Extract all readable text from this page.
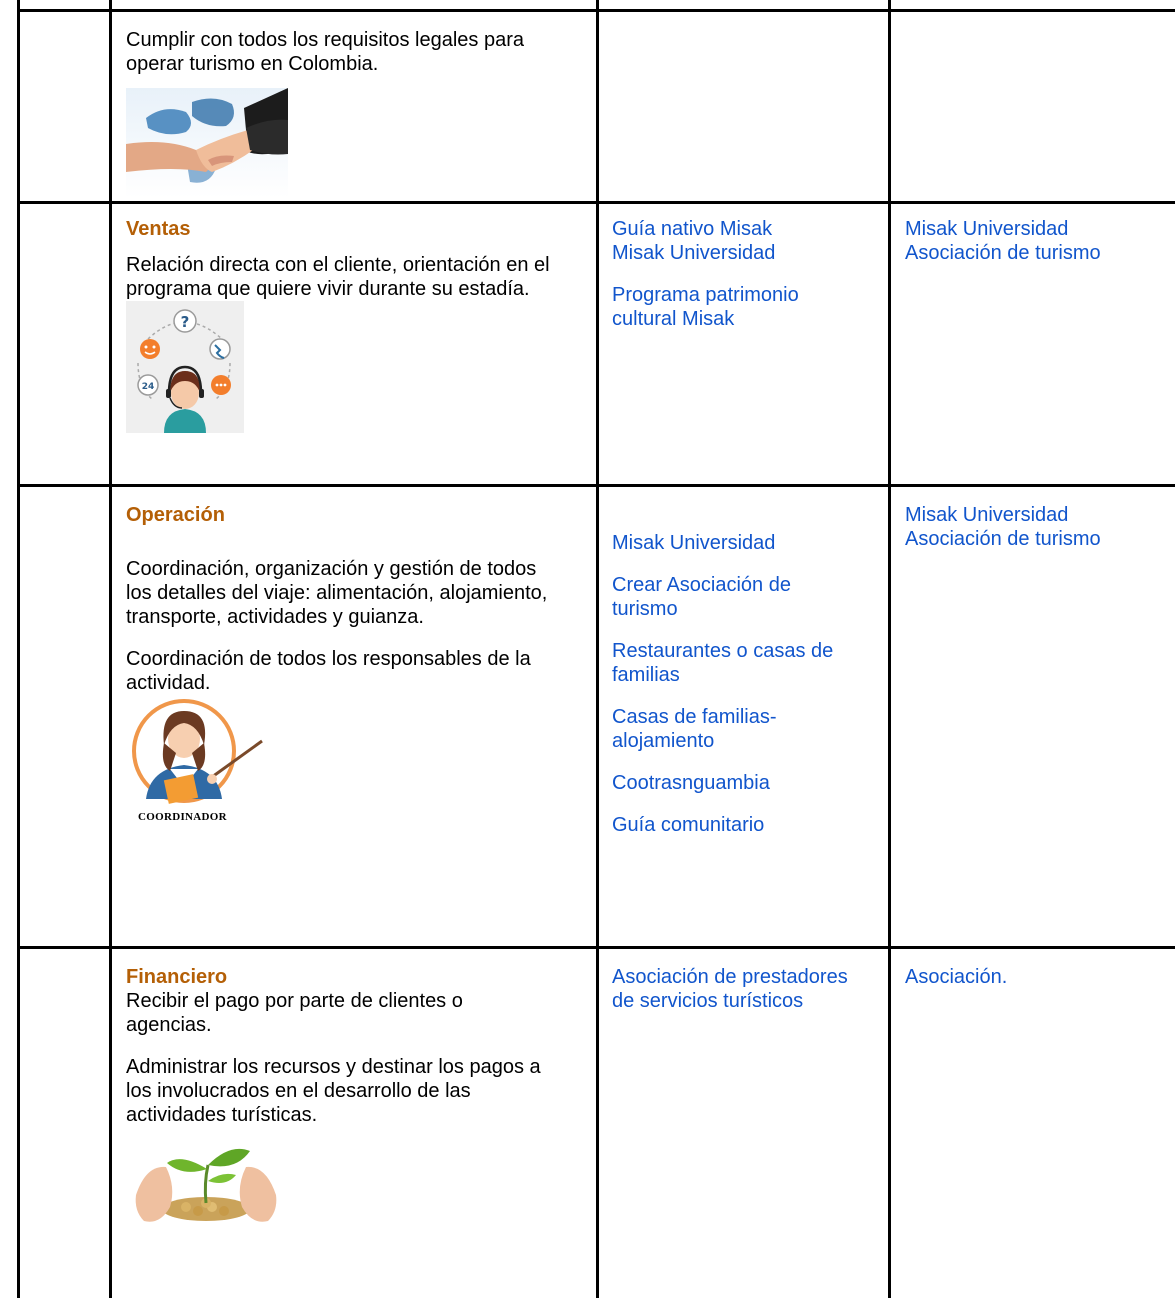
Cumplir con todos los requisitos legales para operar turismo en Colombia.

Ventas

Relación directa con el cliente, orientación en el programa que quiere vivir durante su estadía.

?
24

Guía nativo Misak

Misak Universidad

Programa patrimonio cultural Misak

Misak Universidad

Asociación de turismo

Operación

Coordinación, organización y gestión de todos los detalles del viaje: alimentación, alojamiento, transporte, actividades y guianza.

Coordinación de todos los responsables de la actividad.

COORDINADOR

Misak Universidad

Crear Asociación de turismo

Restaurantes o casas de familias

Casas de familias-alojamiento

Cootrasnguambia

Guía comunitario

Misak Universidad

Asociación de turismo

Financiero

Recibir el pago por parte de clientes o agencias.

Administrar los recursos y destinar los pagos a los involucrados en el desarrollo de las actividades turísticas.

Asociación de prestadores de servicios turísticos

Asociación.
